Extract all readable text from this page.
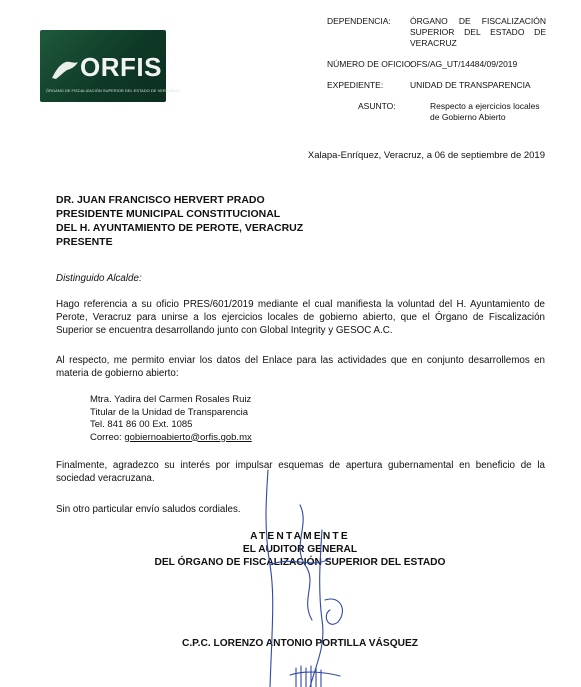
ORFIS
ÓRGANO DE FISCALIZACIÓN SUPERIOR DEL ESTADO DE VERACRUZ
DEPENDENCIA: ÓRGANO DE FISCALIZACIÓN SUPERIOR DEL ESTADO DE VERACRUZ
NÚMERO DE OFICIO:
OFS/AG_UT/14484/09/2019
EXPEDIENTE:	UNIDAD DE TRANSPARENCIA
ASUNTO:	Respecto a ejercicios locales de Gobierno Abierto
Xalapa-Enríquez, Veracruz, a 06 de septiembre de 2019
DR. JUAN FRANCISCO HERVERT PRADO
PRESIDENTE MUNICIPAL CONSTITUCIONAL
DEL H. AYUNTAMIENTO DE PEROTE, VERACRUZ
PRESENTE
Distinguido Alcalde:
Hago referencia a su oficio PRES/601/2019 mediante el cual manifiesta la voluntad del H. Ayuntamiento de Perote, Veracruz para unirse a los ejercicios locales de gobierno abierto, que el Órgano de Fiscalización Superior se encuentra desarrollando junto con Global Integrity y GESOC A.C.
Al respecto, me permito enviar los datos del Enlace para las actividades que en conjunto desarrollemos en materia de gobierno abierto:
Mtra. Yadira del Carmen Rosales Ruiz
Titular de la Unidad de Transparencia
Tel. 841 86 00 Ext. 1085
Correo: gobiernoabierto@orfis.gob.mx
Finalmente, agradezco su interés por impulsar esquemas de apertura gubernamental en beneficio de la sociedad veracruzana.
Sin otro particular envío saludos cordiales.
ATENTAMENTE
EL AUDITOR GENERAL
DEL ÓRGANO DE FISCALIZACIÓN SUPERIOR DEL ESTADO
C.P.C. LORENZO ANTONIO PORTILLA VÁSQUEZ
